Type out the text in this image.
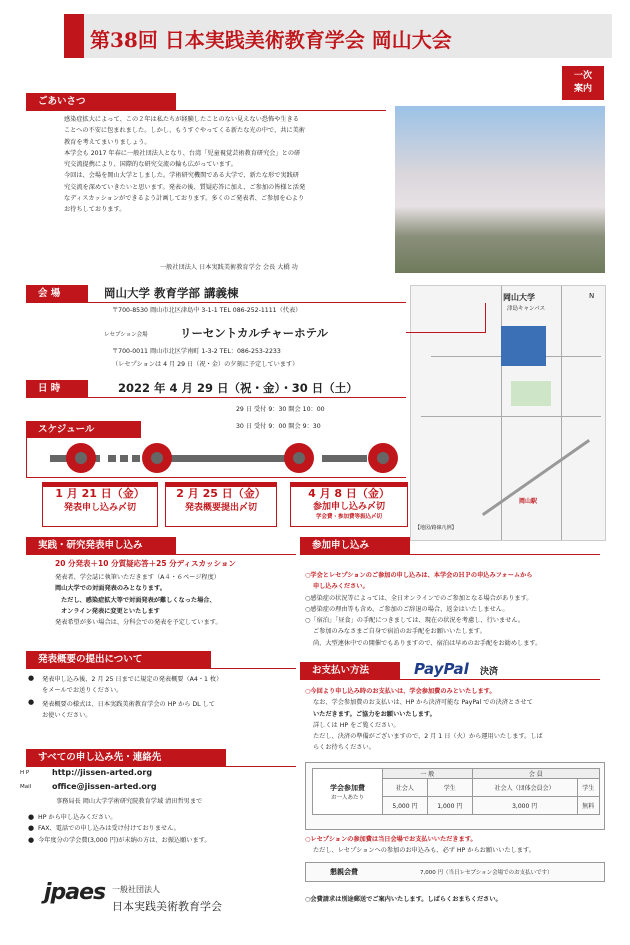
第38回 日本実践美術教育学会 岡山大会
一次
案内
ごあいさつ
感染症拡大によって、この２年は私たちが経験したことのない見えない恐怖や生きる
ことへの不安に包まれました。しかし、もうすぐやってくる新たな光の中で、共に美術
教育を考えてまいりましょう。
本学会も 2017 年春に一般社団法人となり、台湾「児童視覚芸術教育研究会」との研
究交流提携により、国際的な研究交流の輪も広がっています。
今回は、会場を岡山大学としました。学術研究機関である大学で、新たな形で実践研
究交流を深めていきたいと思います。発表の後、質疑応答に加え、ご参加の皆様と活発
なディスカッションができるよう計画しております。多くのご発表者、ご参加を心より
お待ちしております。
一般社団法人 日本実践美術教育学会 会長 大橋 功
会 場	岡山大学 教育学部 講義棟
〒700-8530 岡山市北区津島中 3-1-1 TEL 086-252-1111（代表）
レセプション会場	リーセントカルチャーホテル
〒700-0011 岡山市北区学南町 1-3-2 TEL：086-253-2233
（レセプションは 4 月 29 日（祝・金）の夕刻に予定しています）
日 時	2022 年 4 月 29 日（祝・金）・30 日（土）
29 日 受付 9：30 開会 10：00
30 日 受付 9：00 開会 9：30
スケジュール
1 月 21 日（金）
発表申し込み〆切
2 月 25 日（金）
発表概要提出〆切
4 月 8 日（金）
参加申し込み〆切
学会費・参加費等振込〆切
岡山大学
津島キャンパス
岡山駅
N
【地図/路線凡例】
実践・研究発表申し込み
20 分発表＋10 分質疑応答＋25 分ディスカッション
発表者、学会誌に執筆いただきます（A４・６ページ程度）
岡山大学での対面発表のみとなります。
ただし、感染症拡大等で対面発表が難しくなった場合、
オンライン発表に変更といたします
発表希望が多い場合は、分科会での発表を予定しています。
発表概要の提出について
●
●
発表申し込み後、2 月 25 日までに規定の発表概要（A4・1 枚）
をメールでお送りください。
発表概要の様式は、日本実践美術教育学会の HP から DL して
お使いください。
すべての申し込み先・連絡先
H P	http://jissen-arted.org
Mail	office@jissen-arted.org
事務局長 岡山大学学術研究院教育学域 清田哲男まで
● HP から申し込みください。
● FAX、電話での申し込みは受け付けておりません。
● 今年度分の学会費(3,000 円)が未納の方は、お振込願います。
参加申し込み
○学会とレセプションのご参加の申し込みは、本学会のＨＰの申込みフォームから
申し込みください。
○感染症の状況等によっては、全日オンラインでのご参加となる場合があります。
○感染症の理由等も含め、ご参加のご辞退の場合、返金はいたしません。
○「宿泊」「昼食」の手配につきましては、現在の状況を考慮し、行いません。
ご参加のみなさまご自身で宿泊のお手配をお願いいたします。
尚、大型連休中での開催でもありますので、宿泊は早めのお手配をお勧めします。
お支払い方法	PayPal 決済
○今回より申し込み時のお支払いは、学会参加費のみといたします。
なお、学会参加費のお支払いは、HP から決済可能な PayPal での決済とさせて
いただきます。ご協力をお願いいたします。
詳しくは HP をご覧ください。
ただし、決済の準備がございますので、2 月 1 日（火）から運用いたします。しば
らくお待ちください。
学会参加費
お一人あたり	一 般		会 員	
	社会人	学生	社会人（団体会員会）	学生
	5,000 円	1,000 円	3,000 円	無料
○レセプションの参加費は当日会場でお支払いいただきます。
ただし、レセプションへの参加のお申込みも、必ず HP からお願いいたします。
懇親会費	7,000 円（当日レセプション会場でのお支払いです）
○会費請求は別途郵送でご案内いたします。しばらくおまちください。
jpaes 一般社団法人
日本実践美術教育学会
